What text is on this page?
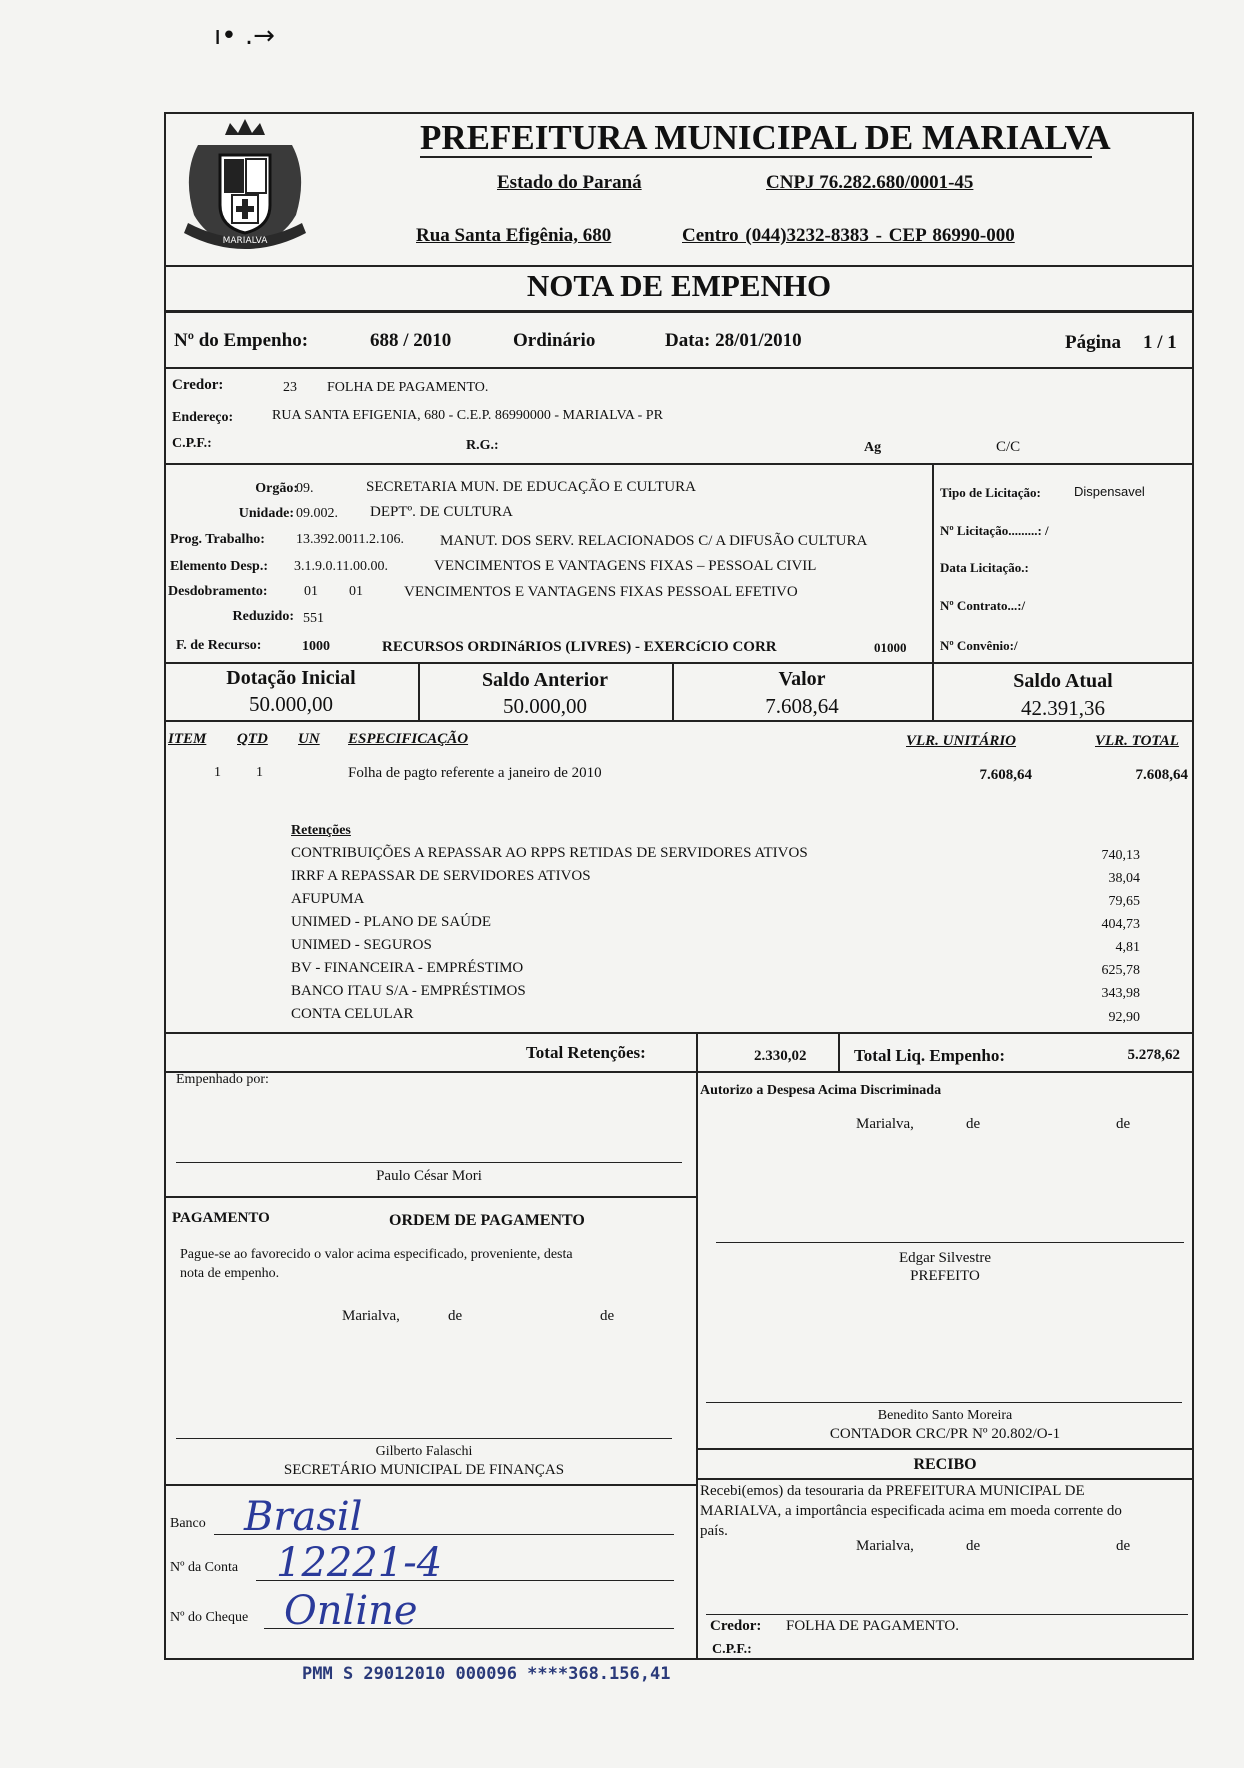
ı• .→
MARIALVA
PREFEITURA MUNICIPAL DE MARIALVA
Estado do Paraná	CNPJ 76.282.680/0001-45
Rua Santa Efigênia, 680	Centro (044)3232-8383 - CEP 86990-000
NOTA DE EMPENHO
Nº do Empenho:	688 / 2010	Ordinário	Data: 28/01/2010	Página 1 / 1
Credor:	23 FOLHA DE PAGAMENTO.
Endereço:	RUA SANTA EFIGENIA, 680 - C.E.P. 86990000 - MARIALVA - PR
C.P.F.:	R.G.:	Ag	C/C
Orgão:
09.	SECRETARIA MUN. DE EDUCAÇÃO E CULTURA
Unidade: 09.002. DEPTº. DE CULTURA
Prog. Trabalho: 13.392.0011.2.106. MANUT. DOS SERV. RELACIONADOS C/ A DIFUSÃO CULTURA
Elemento Desp.: 3.1.9.0.11.00.00.	VENCIMENTOS E VANTAGENS FIXAS – PESSOAL CIVIL
Desdobramento:	01 01	VENCIMENTOS E VANTAGENS FIXAS PESSOAL EFETIVO
Reduzido: 551
F. de Recurso:	1000	RECURSOS ORDINáRIOS (LIVRES) - EXERCíCIO CORR	01000
Tipo de Licitação:	Dispensavel
Nº Licitação.........: /
Data Licitação.:
Nº Contrato...:/
Nº Convênio:/
Dotação Inicial
50.000,00
Saldo Anterior
50.000,00
Valor
7.608,64
Saldo Atual
42.391,36
ITEM QTD UN ESPECIFICAÇÃO	VLR. UNITÁRIO	VLR. TOTAL
1	1	Folha de pagto referente a janeiro de 2010	7.608,64	7.608,64
Retenções
CONTRIBUIÇÕES A REPASSAR AO RPPS RETIDAS DE SERVIDORES ATIVOS	740,13
IRRF A REPASSAR DE SERVIDORES ATIVOS	38,04
AFUPUMA	79,65
UNIMED - PLANO DE SAÚDE	404,73
UNIMED - SEGUROS	4,81
BV - FINANCEIRA - EMPRÉSTIMO	625,78
BANCO ITAU S/A - EMPRÉSTIMOS	343,98
CONTA CELULAR	92,90
Total Retenções:	2.330,02	Total Liq. Empenho:	5.278,62
Empenhado por:
Paulo César Mori
PAGAMENTO	ORDEM DE PAGAMENTO
Pague-se ao favorecido o valor acima especificado, proveniente, desta
nota de empenho.
Marialva,	de	de
Gilberto Falaschi
SECRETÁRIO MUNICIPAL DE FINANÇAS
Banco Brasil
Nº da Conta 12221-4
Nº do Cheque Online
Autorizo a Despesa Acima Discriminada
Marialva,	de	de
Edgar Silvestre
PREFEITO
Benedito Santo Moreira
CONTADOR CRC/PR Nº 20.802/O-1
RECIBO
Recebi(emos) da tesouraria da PREFEITURA MUNICIPAL DE
MARIALVA, a importância especificada acima em moeda corrente do
país.
Marialva,	de	de
Credor: FOLHA DE PAGAMENTO.
C.P.F.:
PMM S 29012010 000096 ****368.156,41
